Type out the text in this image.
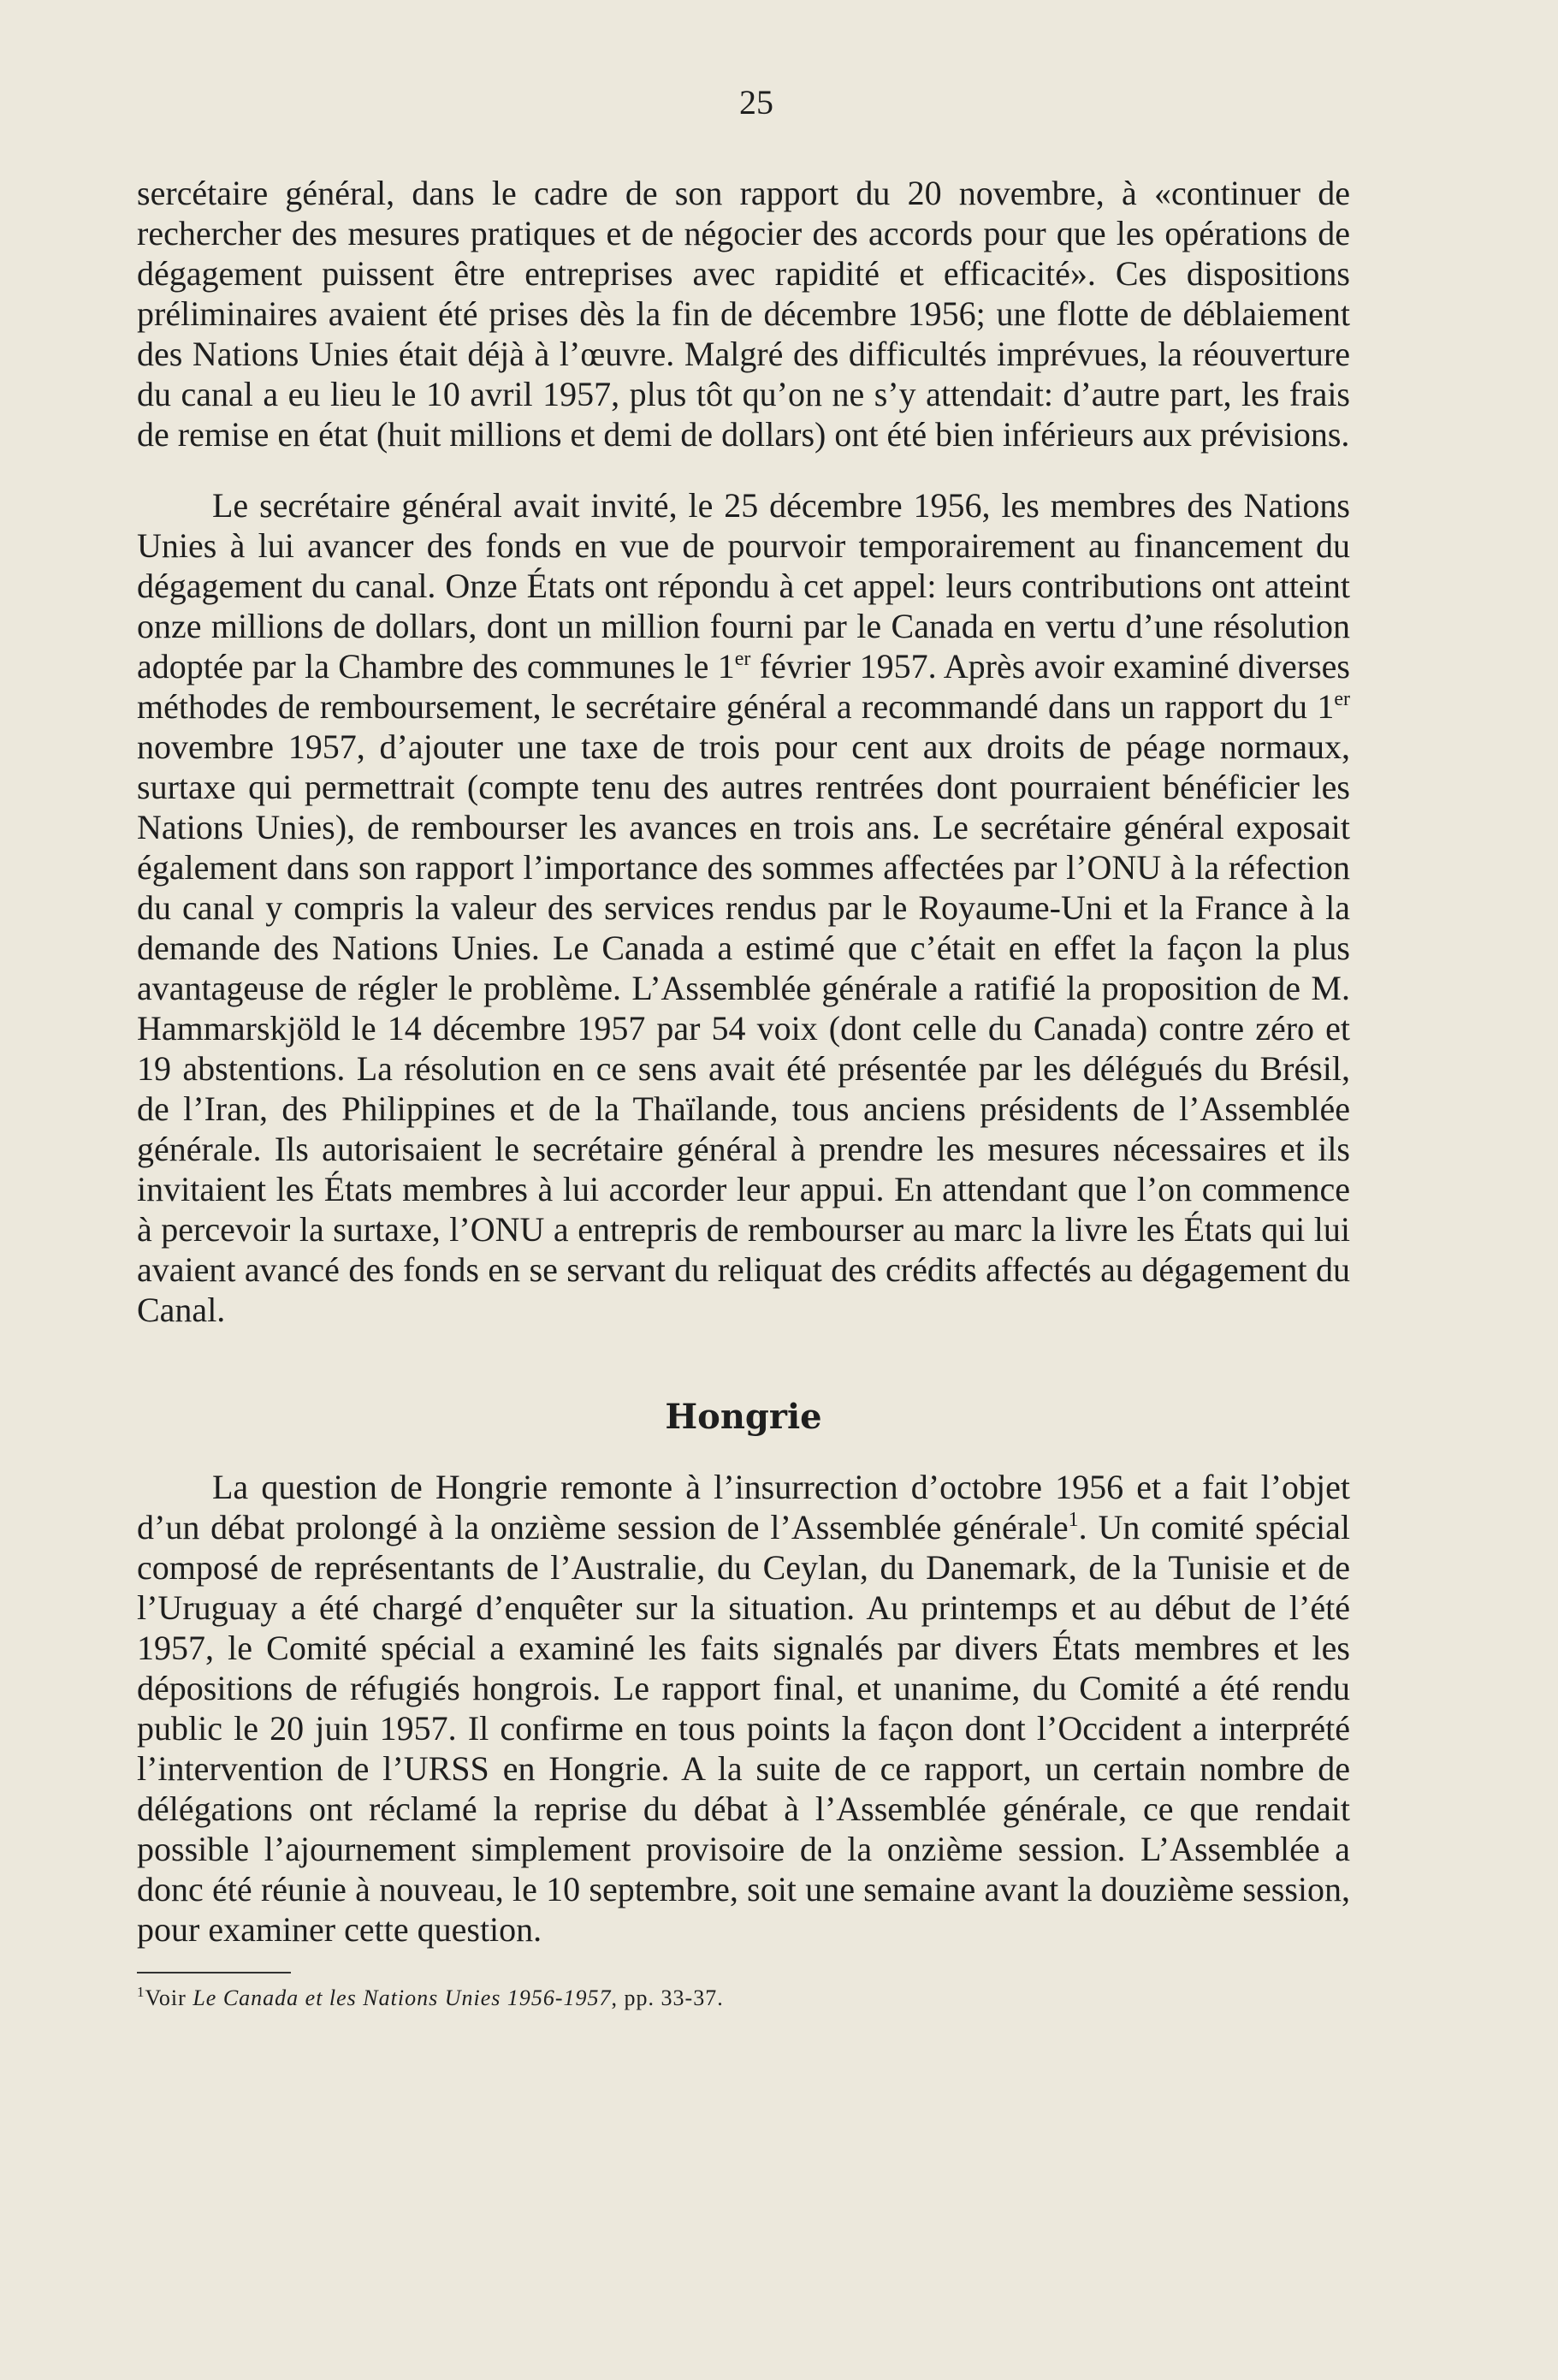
25

sercétaire général, dans le cadre de son rapport du 20 novembre, à «continuer de rechercher des mesures pratiques et de négocier des accords pour que les opérations de dégagement puissent être entreprises avec rapidité et efficacité». Ces dispositions préliminaires avaient été prises dès la fin de décembre 1956; une flotte de déblaiement des Nations Unies était déjà à l’œuvre. Malgré des difficultés imprévues, la réouverture du canal a eu lieu le 10 avril 1957, plus tôt qu’on ne s’y attendait: d’autre part, les frais de remise en état (huit millions et demi de dollars) ont été bien inférieurs aux prévisions.

Le secrétaire général avait invité, le 25 décembre 1956, les membres des Nations Unies à lui avancer des fonds en vue de pourvoir temporairement au financement du dégagement du canal. Onze États ont répondu à cet appel: leurs contributions ont atteint onze millions de dollars, dont un million fourni par le Canada en vertu d’une résolution adoptée par la Chambre des communes le 1er février 1957. Après avoir examiné diverses méthodes de remboursement, le secrétaire général a recommandé dans un rapport du 1er novembre 1957, d’ajouter une taxe de trois pour cent aux droits de péage normaux, surtaxe qui permettrait (compte tenu des autres rentrées dont pourraient bénéficier les Nations Unies), de rembourser les avances en trois ans. Le secrétaire général exposait également dans son rapport l’importance des sommes affectées par l’ONU à la réfection du canal y compris la valeur des services rendus par le Royaume-Uni et la France à la demande des Nations Unies. Le Canada a estimé que c’était en effet la façon la plus avantageuse de régler le problème. L’Assemblée générale a ratifié la proposition de M. Hammarskjöld le 14 décembre 1957 par 54 voix (dont celle du Canada) contre zéro et 19 abstentions. La résolution en ce sens avait été présentée par les délégués du Brésil, de l’Iran, des Philippines et de la Thaïlande, tous anciens présidents de l’Assemblée générale. Ils autorisaient le secrétaire général à prendre les mesures nécessaires et ils invitaient les États membres à lui accorder leur appui. En attendant que l’on commence à percevoir la surtaxe, l’ONU a entrepris de rembourser au marc la livre les États qui lui avaient avancé des fonds en se servant du reliquat des crédits affectés au dégagement du Canal.

Hongrie

La question de Hongrie remonte à l’insurrection d’octobre 1956 et a fait l’objet d’un débat prolongé à la onzième session de l’Assemblée générale$^1$. Un comité spécial composé de représentants de l’Australie, du Ceylan, du Danemark, de la Tunisie et de l’Uruguay a été chargé d’enquêter sur la situation. Au printemps et au début de l’été 1957, le Comité spécial a examiné les faits signalés par divers États membres et les dépositions de réfugiés hongrois. Le rapport final, et unanime, du Comité a été rendu public le 20 juin 1957. Il confirme en tous points la façon dont l’Occident a interprété l’intervention de l’URSS en Hongrie. A la suite de ce rapport, un certain nombre de délégations ont réclamé la reprise du débat à l’Assemblée générale, ce que rendait possible l’ajournement simplement provisoire de la onzième session. L’Assemblée a donc été réunie à nouveau, le 10 septembre, soit une semaine avant la douzième session, pour examiner cette question.

$^1$Voir Le Canada et les Nations Unies 1956-1957, pp. 33-37.
